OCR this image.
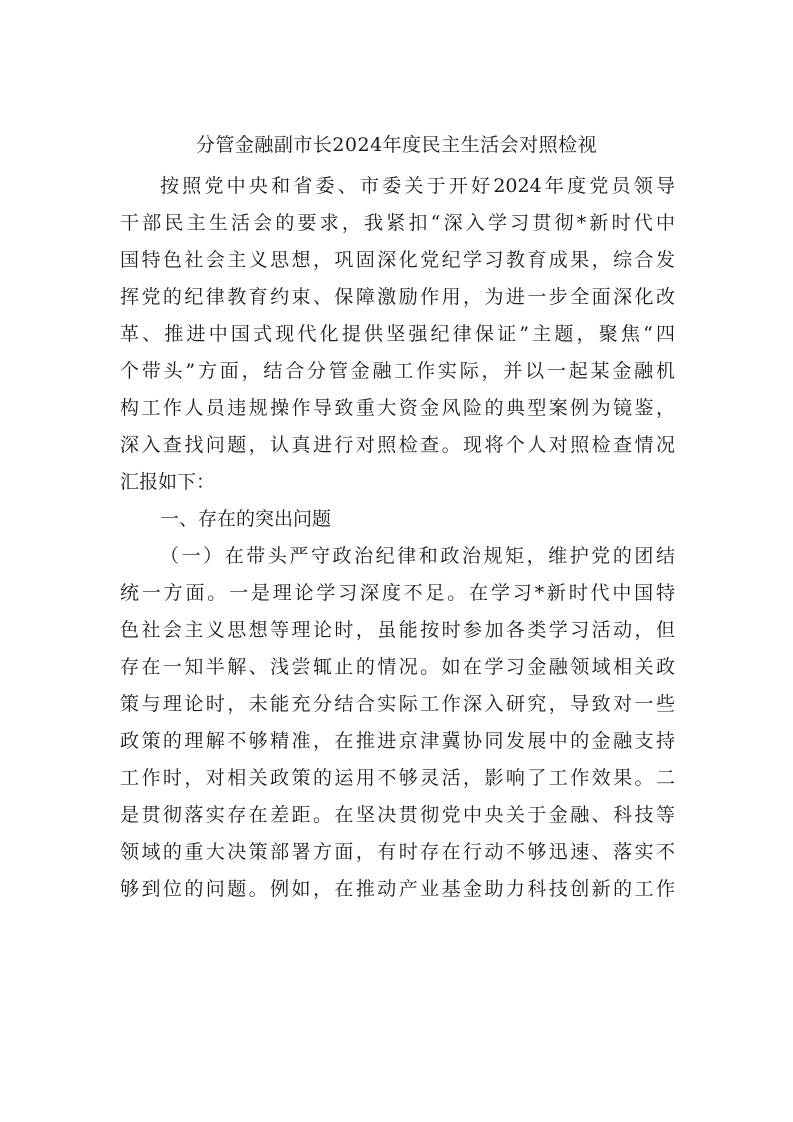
分管金融副市长2024年度民主生活会对照检视
按照党中央和省委、市委关于开好2024年度党员领导
干部民主生活会的要求，我紧扣“深入学习贯彻*新时代中
国特色社会主义思想，巩固深化党纪学习教育成果，综合发
挥党的纪律教育约束、保障激励作用，为进一步全面深化改
革、推进中国式现代化提供坚强纪律保证”主题，聚焦“四
个带头”方面，结合分管金融工作实际，并以一起某金融机
构工作人员违规操作导致重大资金风险的典型案例为镜鉴，
深入查找问题，认真进行对照检查。现将个人对照检查情况
汇报如下：
一、存在的突出问题
（一）在带头严守政治纪律和政治规矩，维护党的团结
统一方面。一是理论学习深度不足。在学习*新时代中国特
色社会主义思想等理论时，虽能按时参加各类学习活动，但
存在一知半解、浅尝辄止的情况。如在学习金融领域相关政
策与理论时，未能充分结合实际工作深入研究，导致对一些
政策的理解不够精准，在推进京津冀协同发展中的金融支持
工作时，对相关政策的运用不够灵活，影响了工作效果。二
是贯彻落实存在差距。在坚决贯彻党中央关于金融、科技等
领域的重大决策部署方面，有时存在行动不够迅速、落实不
够到位的问题。例如，在推动产业基金助力科技创新的工作
